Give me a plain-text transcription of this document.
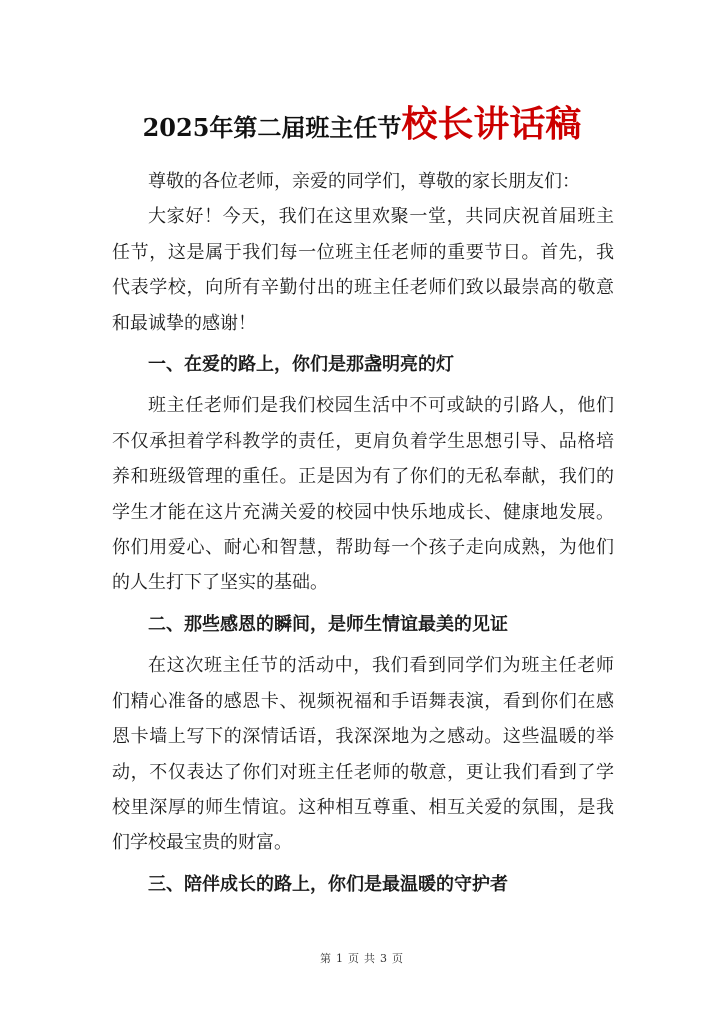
2025年第二届班主任节校长讲话稿

尊敬的各位老师，亲爱的同学们，尊敬的家长朋友们：

大家好！今天，我们在这里欢聚一堂，共同庆祝首届班主任节，这是属于我们每一位班主任老师的重要节日。首先，我代表学校，向所有辛勤付出的班主任老师们致以最崇高的敬意和最诚挚的感谢！

一、在爱的路上，你们是那盏明亮的灯

班主任老师们是我们校园生活中不可或缺的引路人，他们不仅承担着学科教学的责任，更肩负着学生思想引导、品格培养和班级管理的重任。正是因为有了你们的无私奉献，我们的学生才能在这片充满关爱的校园中快乐地成长、健康地发展。你们用爱心、耐心和智慧，帮助每一个孩子走向成熟，为他们的人生打下了坚实的基础。

二、那些感恩的瞬间，是师生情谊最美的见证

在这次班主任节的活动中，我们看到同学们为班主任老师们精心准备的感恩卡、视频祝福和手语舞表演，看到你们在感恩卡墙上写下的深情话语，我深深地为之感动。这些温暖的举动，不仅表达了你们对班主任老师的敬意，更让我们看到了学校里深厚的师生情谊。这种相互尊重、相互关爱的氛围，是我们学校最宝贵的财富。

三、陪伴成长的路上，你们是最温暖的守护者

第 1 页 共 3 页
